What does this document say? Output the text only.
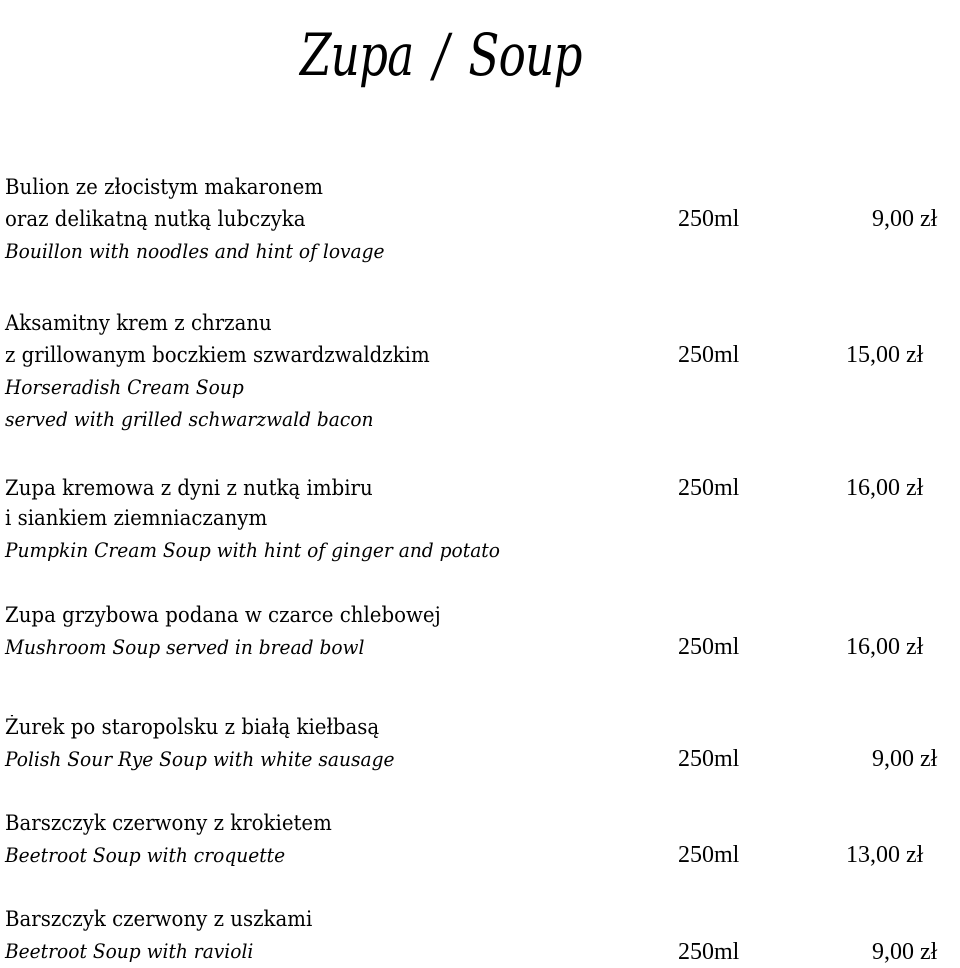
Zupa / Soup
Bulion ze złocistym makaronem
oraz delikatną nutką lubczyka
Bouillon with noodles and hint of lovage
250ml	9,00 zł
Aksamitny krem z chrzanu
z grillowanym boczkiem szwardzwaldzkim
Horseradish Cream Soup
served with grilled schwarzwald bacon
250ml	15,00 zł
Zupa kremowa z dyni z nutką imbiru
i siankiem ziemniaczanym
Pumpkin Cream Soup with hint of ginger and potato
250ml	16,00 zł
Zupa grzybowa podana w czarce chlebowej
Mushroom Soup served in bread bowl	250ml	16,00 zł
Żurek po staropolsku z białą kiełbasą
Polish Sour Rye Soup with white sausage	250ml	9,00 zł
Barszczyk czerwony z krokietem
Beetroot Soup with croquette	250ml	13,00 zł
Barszczyk czerwony z uszkami
Beetroot Soup with ravioli	250ml	9,00 zł
